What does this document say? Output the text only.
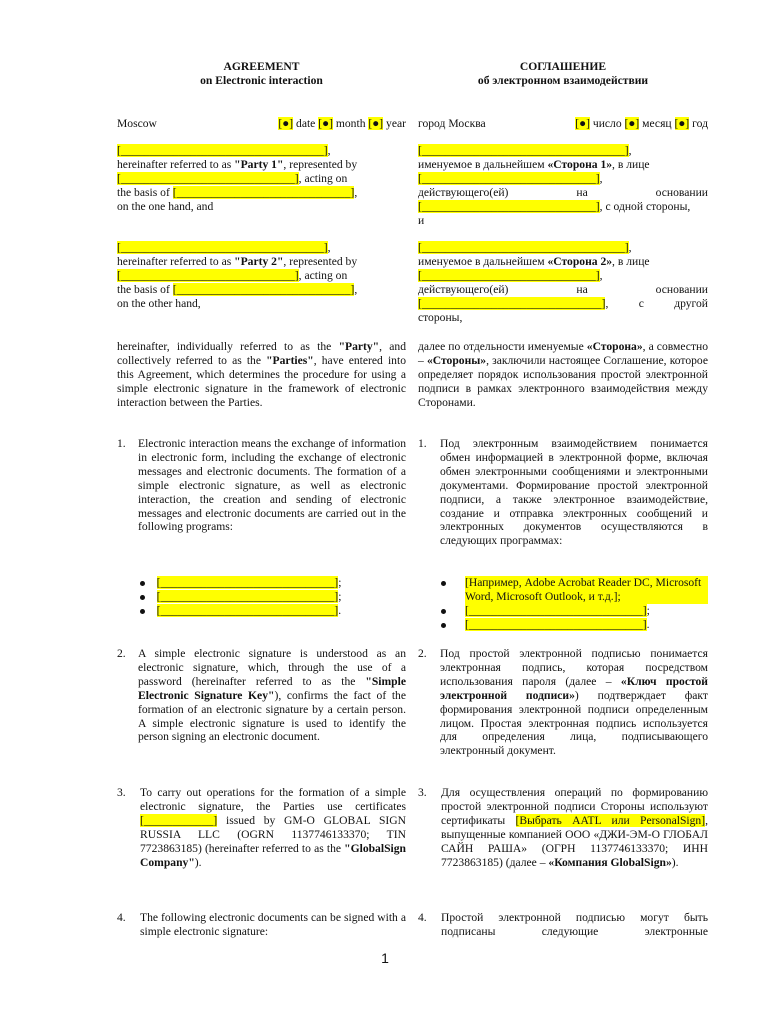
AGREEMENT
on Electronic interaction
СОГЛАШЕНИЕ
об электронном взаимодействии
Moscow	[●] date [●] month [●] year город Москва	[●] число [●] месяц [●] год
[___________________________________],
hereinafter referred to as "Party 1", represented by
[______________________________], acting on
the basis of [______________________________],
on the one hand, and
[___________________________________],
именуемое в дальнейшем «Сторона 1», в лице
[______________________________],
действующего(ей)	на	основании
[______________________________], с одной стороны,
и
[___________________________________],
hereinafter referred to as "Party 2", represented by
[______________________________], acting on
the basis of [______________________________],
on the other hand,
[___________________________________],
именуемое в дальнейшем «Сторона 2», в лице
[______________________________],
действующего(ей)	на	основании
[_______________________________],	с	другой
стороны,
hereinafter, individually referred to as the "Party", and collectively referred to as the "Parties", have entered into this Agreement, which determines the procedure for using a simple electronic signature in the framework of electronic interaction between the Parties.
далее по отдельности именуемые «Сторона», а совместно – «Стороны», заключили настоящее Соглашение, которое определяет порядок использования простой электронной подписи в рамках электронного взаимодействия между Сторонами.
1. Electronic interaction means the exchange of information in electronic form, including the exchange of electronic messages and electronic documents. The formation of a simple electronic signature, as well as electronic interaction, the creation and sending of electronic messages and electronic documents are carried out in the following programs:
1. Под электронным взаимодействием понимается обмен информацией в электронной форме, включая обмен электронными сообщениями и электронными документами. Формирование простой электронной подписи, а также электронное взаимодействие, создание и отправка электронных сообщений и электронных документов осуществляются в следующих программах:
[______________________________];
[______________________________];
[______________________________].
[Например, Adobe Acrobat Reader DC, Microsoft Word, Microsoft Outlook, и т.д.];
[______________________________];
[______________________________].
2. A simple electronic signature is understood as an electronic signature, which, through the use of a password (hereinafter referred to as the "Simple Electronic Signature Key"), confirms the fact of the formation of an electronic signature by a certain person. A simple electronic signature is used to identify the person signing an electronic document.
2. Под простой электронной подписью понимается электронная подпись, которая посредством использования пароля (далее – «Ключ простой электронной подписи») подтверждает факт формирования электронной подписи определенным лицом. Простая электронная подпись используется для определения лица, подписывающего электронный документ.
3. To carry out operations for the formation of a simple electronic signature, the Parties use certificates [____________] issued by GM-O GLOBAL SIGN RUSSIA LLC (OGRN 1137746133370; TIN 7723863185) (hereinafter referred to as the "GlobalSign Company").
3. Для осуществления операций по формированию простой электронной подписи Стороны используют сертификаты [Выбрать AATL или PersonalSign], выпущенные компанией ООО «ДЖИ-ЭМ-О ГЛОБАЛ САЙН РАША» (ОГРН 1137746133370; ИНН 7723863185) (далее – «Компания GlobalSign»).
4. The following electronic documents can be signed with a simple electronic signature:
4. Простой электронной подписью могут быть подписаны следующие электронные
1
